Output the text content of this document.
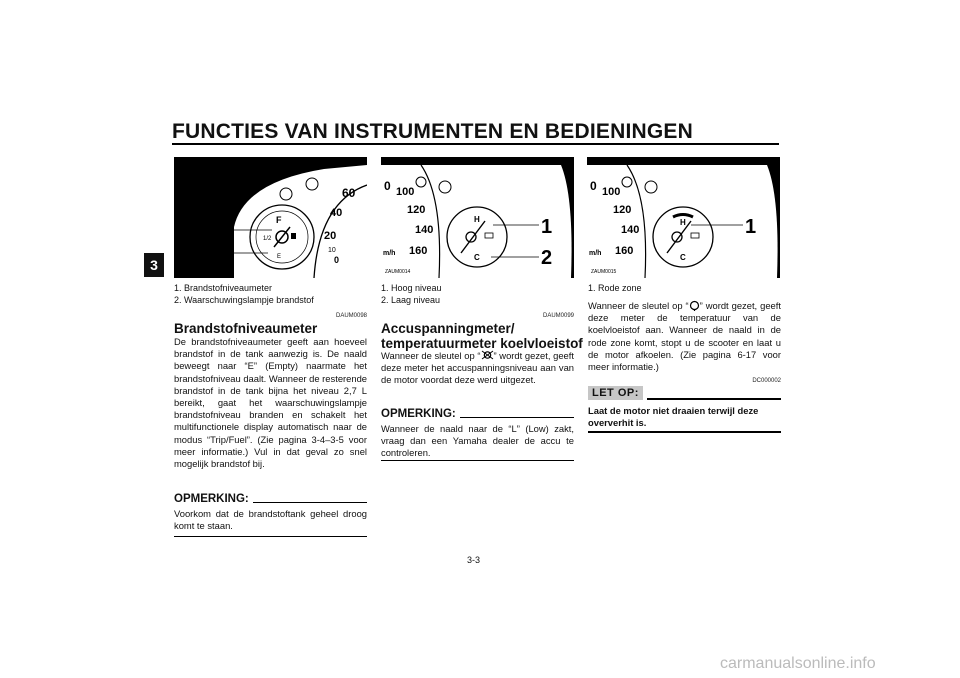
FUNCTIES VAN INSTRUMENTEN EN BEDIENINGEN
3
F
1/2
E
60
40
20
10
0
1
2
ZAUM0012
1. Brandstofniveaumeter
2. Waarschuwingslampje brandstof
DAUM0098
Brandstofniveaumeter

De brandstofniveaumeter geeft aan hoeveel brandstof in de tank aanwezig is. De naald beweegt naar “E” (Empty) naarmate het brandstofniveau daalt. Wanneer de resterende brandstof in de tank bijna het niveau 2,7 L bereikt, gaat het waarschuwingslampje brandstofniveau branden en schakelt het multifunctionele display automatisch naar de modus “Trip/Fuel”. (Zie pagina 3-4–3-5 voor meer informatie.) Vul in dat geval zo snel mogelijk brandstof bij.

OPMERKING:

Voorkom dat de brandstoftank geheel droog komt te staan.

0 100
120
140
160
m/h
H
C
1
2
ZAUM0014
1. Hoog niveau
2. Laag niveau
DAUM0099
Accuspanningmeter/
temperatuurmeter koelvloeistof

Wanneer de sleutel op “ ” wordt gezet, geeft deze meter het accuspanningsniveau aan van de motor voordat deze werd uitgezet.

OPMERKING:

Wanneer de naald naar de “L” (Low) zakt, vraag dan een Yamaha dealer de accu te controleren.

0 100
120
140
160
m/h
H
C
1
ZAUM0015
1. Rode zone

Wanneer de sleutel op “ ” wordt gezet, geeft deze meter de temperatuur van de koelvloeistof aan. Wanneer de naald in de rode zone komt, stopt u de scooter en laat u de motor afkoelen. (Zie pagina 6-17 voor meer informatie.)

DC000002
LET OP:

Laat de motor niet draaien terwijl deze oververhit is.

3-3
carmanualsonline.info
